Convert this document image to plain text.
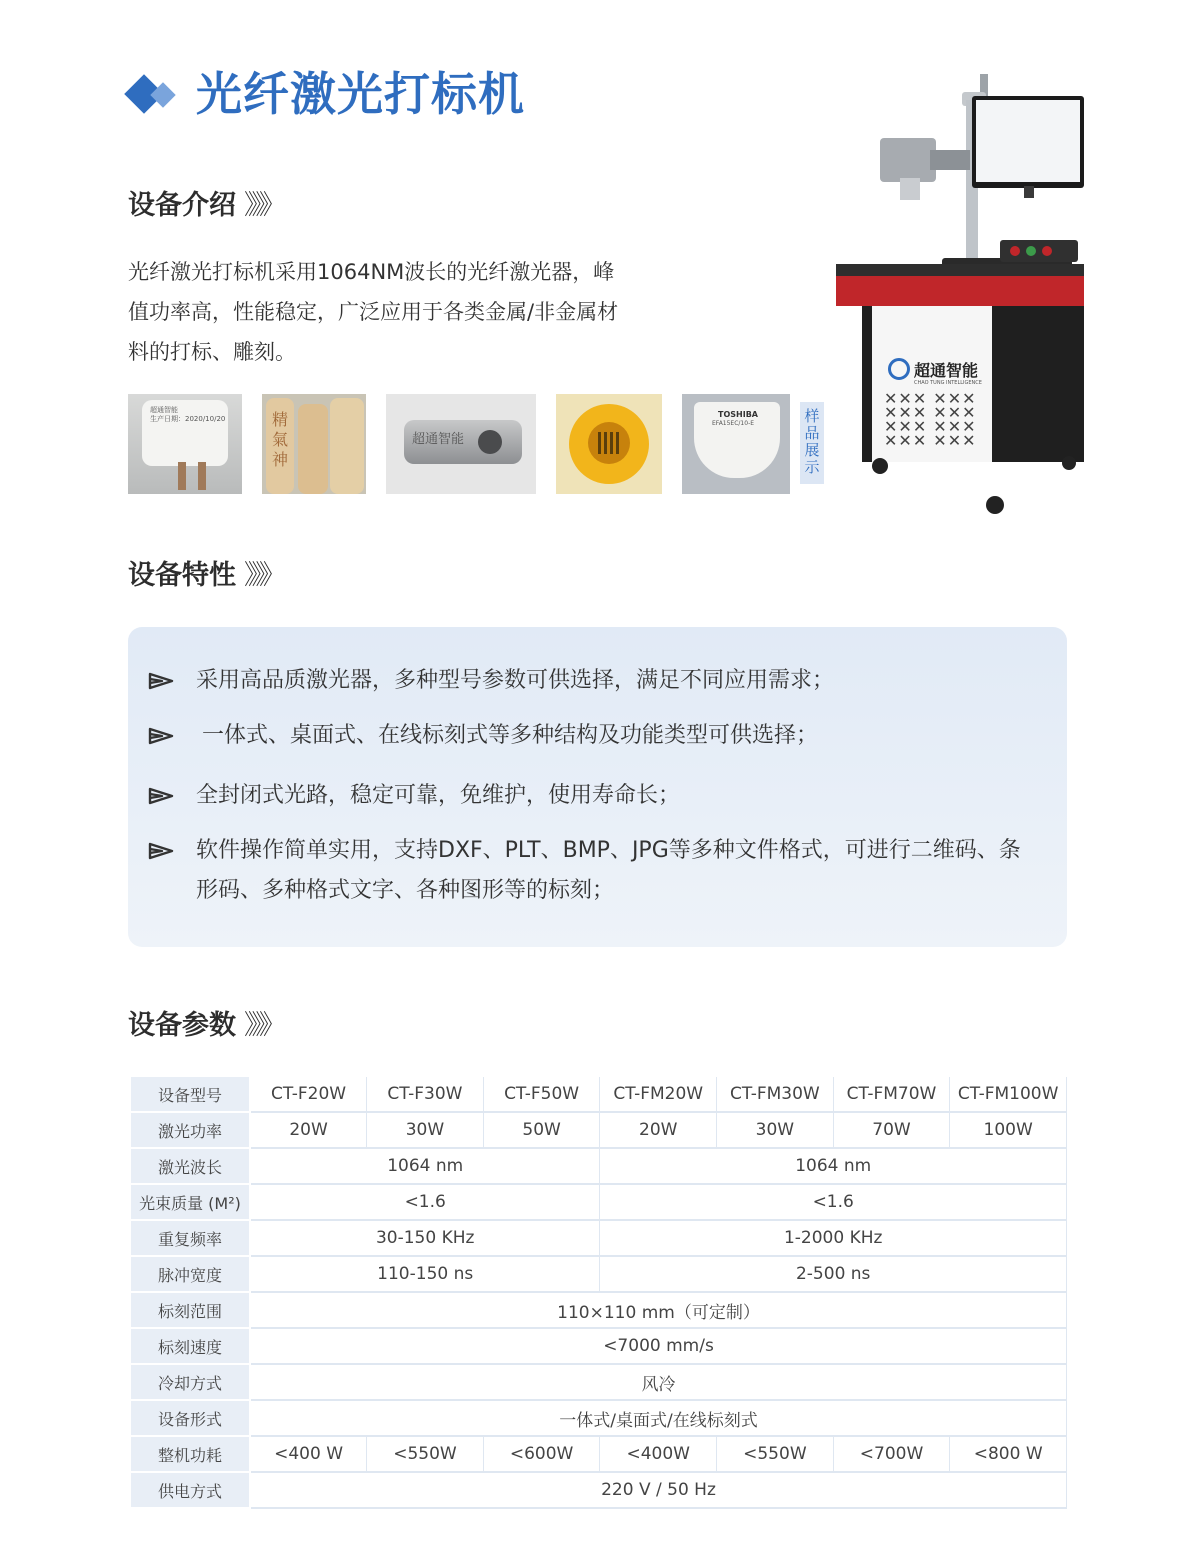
光纤激光打标机
设备介绍 》》》
光纤激光打标机采用1064NM波长的光纤激光器，峰
值功率高，性能稳定，广泛应用于各类金属/非金属材
料的打标、雕刻。
超通智能
生产日期：2020/10/20	精氣神
超通智能
TOSHIBA
EFA15EC/10-E	样品展示
超通智能
CHAO TUNG INTELLIGENCE
✕✕✕ ✕✕✕
✕✕✕ ✕✕✕
✕✕✕ ✕✕✕
✕✕✕ ✕✕✕
设备特性 》》》
采用高品质激光器，多种型号参数可供选择，满足不同应用需求；
一体式、桌面式、在线标刻式等多种结构及功能类型可供选择；
全封闭式光路，稳定可靠，免维护，使用寿命长；
软件操作简单实用，支持DXF、PLT、BMP、JPG等多种文件格式，可进行二维码、条
形码、多种格式文字、各种图形等的标刻；
设备参数 》》》
设备型号	CT-F20W	CT-F30W	CT-F50W	CT-FM20W	CT-FM30W	CT-FM70W	CT-FM100W
激光功率	20W	30W	50W	20W	30W	70W	100W
激光波长	1064 nm			1064 nm			
光束质量 (M²)	<1.6			<1.6			
重复频率	30-150 KHz			1-2000 KHz			
脉冲宽度	110-150 ns			2-500 ns			
标刻范围	110×110 mm（可定制）						
标刻速度	<7000 mm/s						
冷却方式	风冷						
设备形式	一体式/桌面式/在线标刻式						
整机功耗	<400 W	<550W	<600W	<400W	<550W	<700W	<800 W
供电方式	220 V / 50 Hz						
